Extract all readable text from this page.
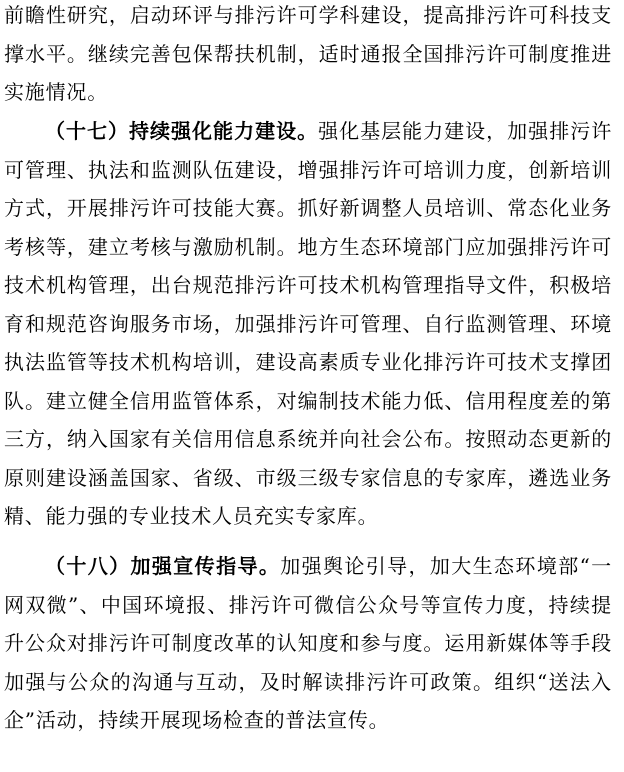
前瞻性研究，启动环评与排污许可学科建设，提高排污许可科技支撑水平。继续完善包保帮扶机制，适时通报全国排污许可制度推进实施情况。

（十七）持续强化能力建设。强化基层能力建设，加强排污许可管理、执法和监测队伍建设，增强排污许可培训力度，创新培训方式，开展排污许可技能大赛。抓好新调整人员培训、常态化业务考核等，建立考核与激励机制。地方生态环境部门应加强排污许可技术机构管理，出台规范排污许可技术机构管理指导文件，积极培育和规范咨询服务市场，加强排污许可管理、自行监测管理、环境执法监管等技术机构培训，建设高素质专业化排污许可技术支撑团队。建立健全信用监管体系，对编制技术能力低、信用程度差的第三方，纳入国家有关信用信息系统并向社会公布。按照动态更新的原则建设涵盖国家、省级、市级三级专家信息的专家库，遴选业务精、能力强的专业技术人员充实专家库。

（十八）加强宣传指导。加强舆论引导，加大生态环境部“一网双微”、中国环境报、排污许可微信公众号等宣传力度，持续提升公众对排污许可制度改革的认知度和参与度。运用新媒体等手段加强与公众的沟通与互动，及时解读排污许可政策。组织“送法入企”活动，持续开展现场检查的普法宣传。
